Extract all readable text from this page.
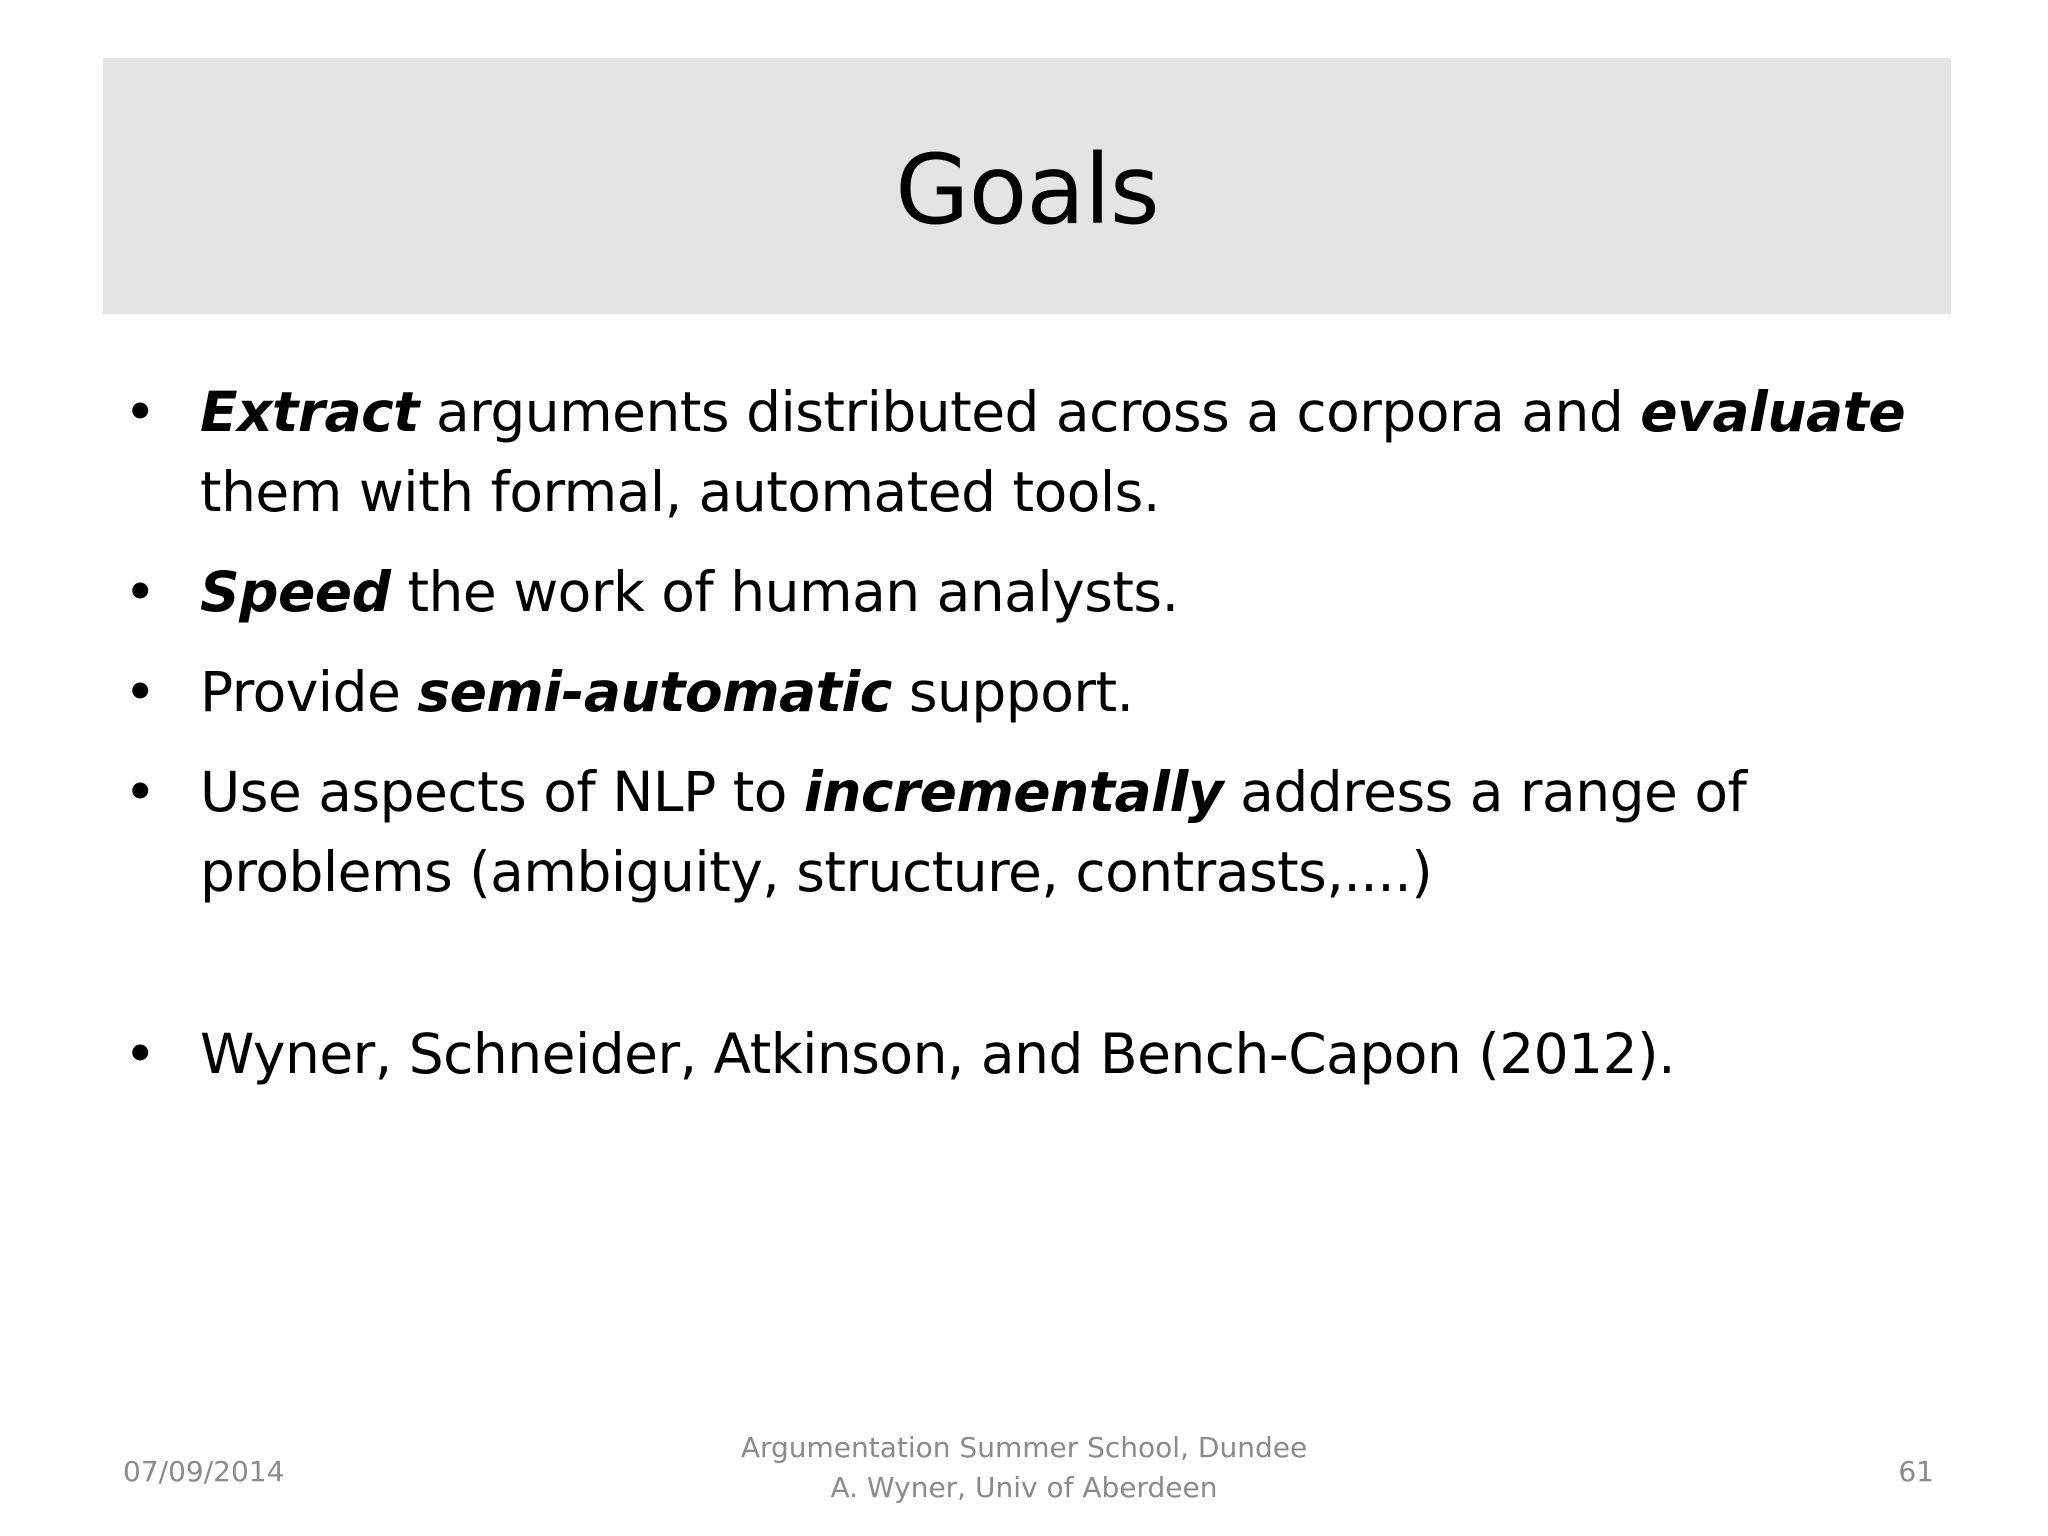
Goals
• Extract arguments distributed across a corpora and evaluate them with formal, automated tools.
• Speed the work of human analysts.
• Provide semi-automatic support.
• Use aspects of NLP to incrementally address a range of problems (ambiguity, structure, contrasts,....)
• Wyner, Schneider, Atkinson, and Bench-Capon (2012).
07/09/2014
Argumentation Summer School, Dundee
A. Wyner, Univ of Aberdeen	61
